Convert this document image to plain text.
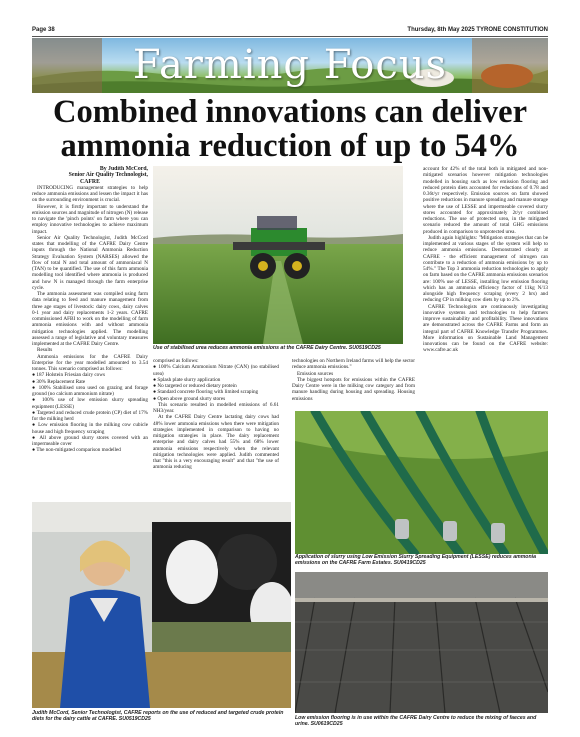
Page 38	Thursday, 8th May 2025 TYRONE CONSTITUTION
Farming Focus
Combined innovations can deliver ammonia reduction of up to 54%
By Judith McCord,
Senior Air Quality Technologist,
CAFRE

INTRODUCING management strategies to help reduce ammonia emissions and lessen the impact it has on the surrounding environment is crucial.

However, it is firstly important to understand the emission sources and magnitude of nitrogen (N) release to navigate the 'pinch points' on farm where you can employ innovative technologies to achieve maximum impact.

Senior Air Quality Technologist, Judith McCord states that modelling of the CAFRE Dairy Centre inputs through the National Ammonia Reduction Strategy Evaluation System (NARSES) allowed the flow of total N and total amount of ammoniacal N (TAN) to be quantified. The use of this farm ammonia modelling tool identified where ammonia is produced and how N is managed through the farm enterprise cycle.

The ammonia assessment was compiled using farm data relating to feed and manure management from three age stages of livestock: dairy cows, dairy calves 0-1 year and dairy replacements 1-2 years. CAFRE commissioned AFBI to work on the modelling of farm ammonia emissions with and without ammonia mitigation technologies applied. The modelling assessed a range of legislative and voluntary measures implemented at the CAFRE Dairy Centre.

Results

Ammonia emissions for the CAFRE Dairy Enterprise for the year modelled amounted to 3.54 tonnes. This scenario comprised as follows:

● 187 Holstein Friesian dairy cows

● 30% Replacement Rate

● 100% Stabilised urea used on grazing and forage ground (no calcium ammonium nitrate)

● 100% use of low emission slurry spreading equipment (LESSE)

● Targeted and reduced crude protein (CP) diet of 17% for the milking herd

● Low emission flooring in the milking cow cubicle house and high frequency scraping

● All above ground slurry stores covered with an impermeable cover

● The non-mitigated comparison modelled

Use of stabilised urea reduces ammonia emissions at the CAFRE Dairy Centre. SU0519CD25

comprised as follows:

● 100% Calcium Ammonium Nitrate (CAN) (no stabilised urea)

● Splash plate slurry application

● No targeted or reduced dietary protein

● Standard concrete flooring with limited scraping

● Open above ground slurry stores

This scenario resulted in modelled emissions of 6.61 NH3/year.

At the CAFRE Dairy Centre lactating dairy cows had 48% lower ammonia emissions when there were mitigation strategies implemented in comparison to having no mitigation strategies in place. The dairy replacement enterprise and dairy calves had 55% and 68% lower ammonia emissions respectively when the relevant mitigation technologies were applied. Judith commented that "this is a very encouraging result" and that "the use of ammonia reducing

technologies on Northern Ireland farms will help the sector reduce ammonia emissions."

Emission sources

The biggest hotspots for emissions within the CAFRE Dairy Centre were in the milking cow category and from manure handling during housing and spreading. Housing emissions

account for 42% of the total both in mitigated and non-mitigated scenarios however mitigation technologies modelled in housing such as low emission flooring and reduced protein diets accounted for reductions of 0.78 and 0.36t/yr respectively. Emission sources on farm showed positive reductions in manure spreading and manure storage where the use of LESSE and impermeable covered slurry stores accounted for approximately 2t/yr combined reductions. The use of protected urea, in the mitigated scenario reduced the amount of total GHG emissions produced in comparison to unprotected urea.

Judith again highlights: "Mitigation strategies that can be implemented at various stages of the system will help to reduce ammonia emissions. Demonstrated clearly at CAFRE - the efficient management of nitrogen can contribute to a reduction of ammonia emissions by up to 54%." The Top 3 ammonia reduction technologies to apply on farm based on the CAFRE ammonia emissions scenarios are: 100% use of LESSE, installing low emission flooring which has an ammonia efficiency factor of 11kg N/13 alongside high frequency scraping (every 2 hrs) and reducing CP in milking cow diets by up to 2%.

CAFRE Technologists are continuously investigating innovative systems and technologies to help farmers improve sustainability and profitability. These innovations are demonstrated across the CAFRE Farms and form an integral part of CAFRE Knowledge Transfer Programmes. More information on Sustainable Land Management innovations can be found on the CAFRE website: www.cafre.ac.uk

Judith McCord, Senior Technologist, CAFRE reports on the use of reduced and targeted crude protein diets for the dairy cattle at CAFRE. SU0519CD25
Application of slurry using Low Emission Slurry Spreading Equipment (LESSE) reduces ammonia emissions on the CAFRE Farm Estates. SU0419CD25
Low emission flooring is in use within the CAFRE Dairy Centre to reduce the mixing of faeces and urine. SU0619CD25
